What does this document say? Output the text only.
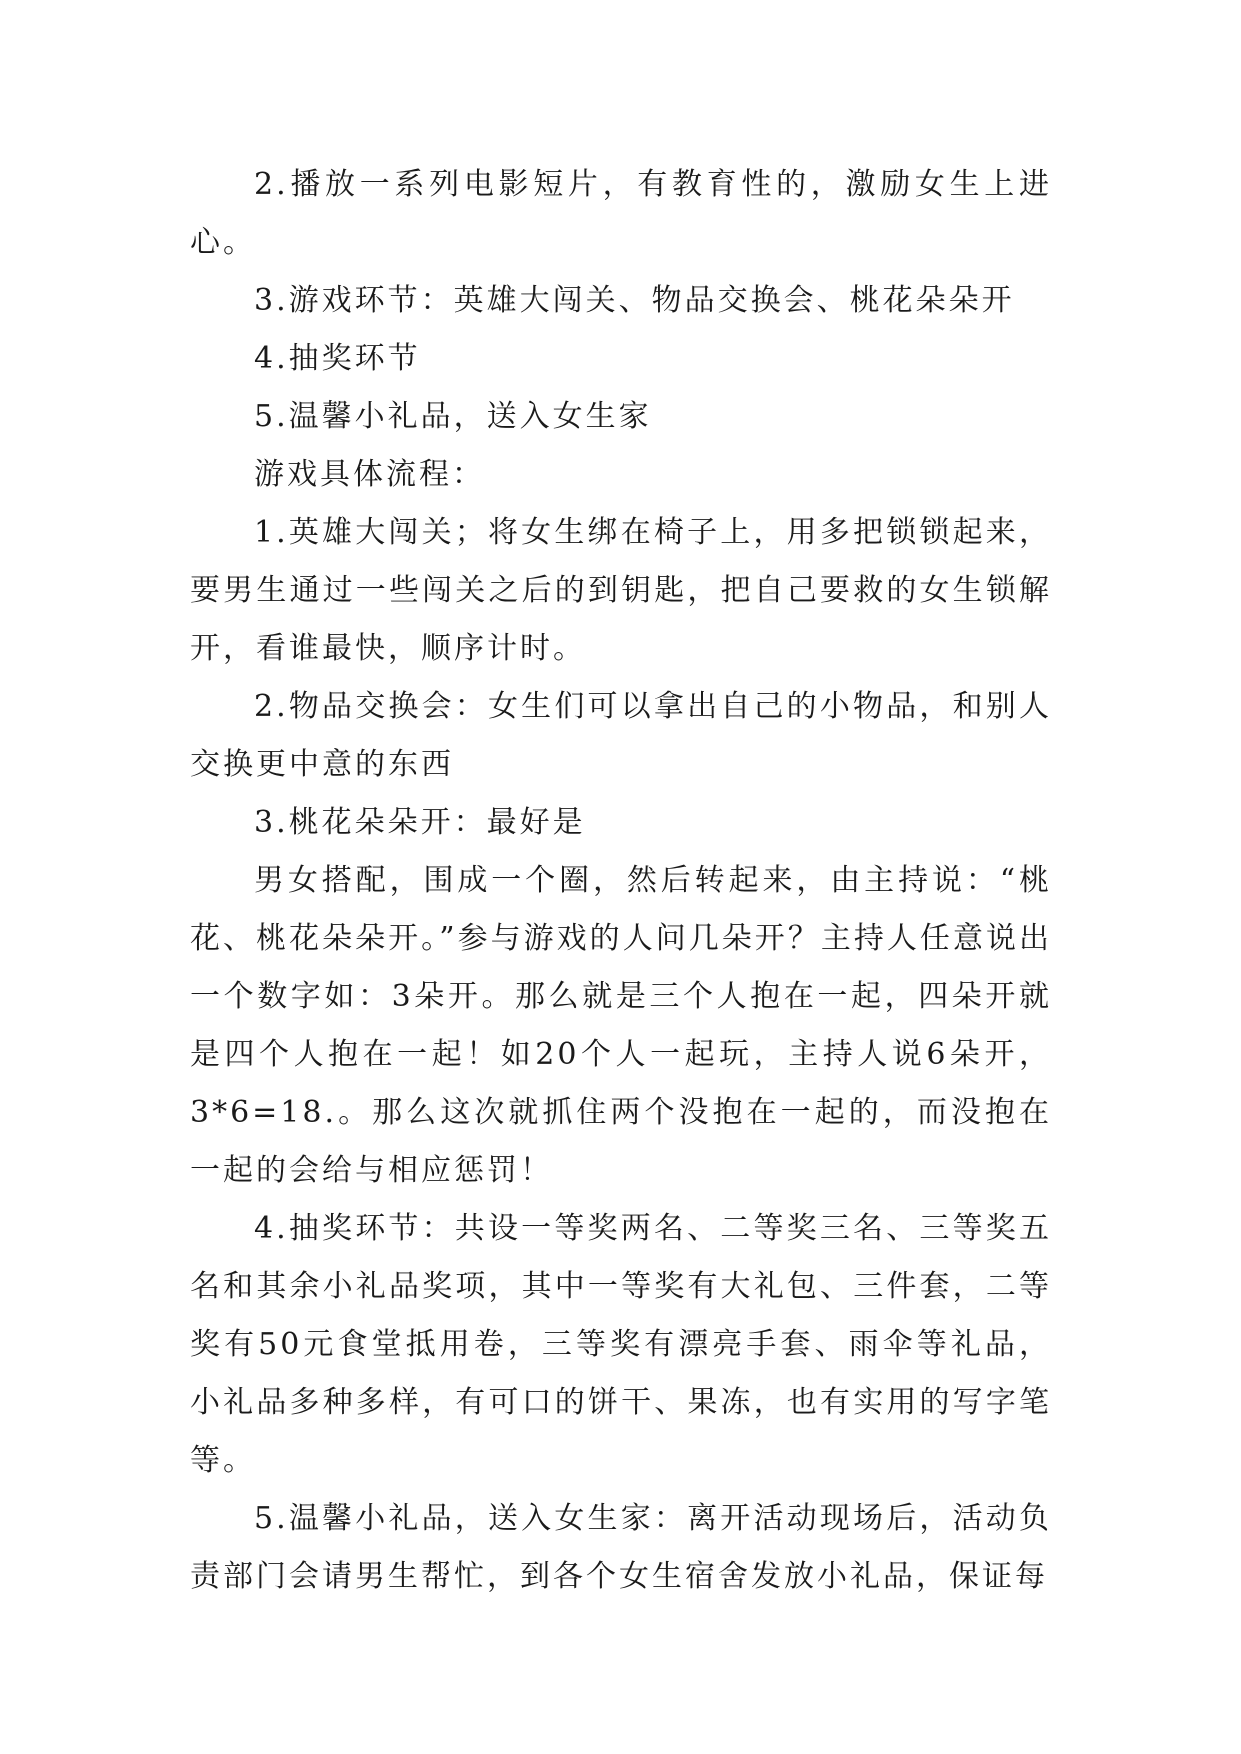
2.播放一系列电影短片，有教育性的，激励女生上进心。

3.游戏环节：英雄大闯关、物品交换会、桃花朵朵开

4.抽奖环节

5.温馨小礼品，送入女生家

游戏具体流程：

1.英雄大闯关；将女生绑在椅子上，用多把锁锁起来，要男生通过一些闯关之后的到钥匙，把自己要救的女生锁解开，看谁最快，顺序计时。

2.物品交换会：女生们可以拿出自己的小物品，和别人交换更中意的东西

3.桃花朵朵开：最好是

男女搭配，围成一个圈，然后转起来，由主持说：“桃花、桃花朵朵开。”参与游戏的人问几朵开？主持人任意说出一个数字如：3朵开。那么就是三个人抱在一起，四朵开就是四个人抱在一起！如20个人一起玩，主持人说6朵开，3*6=18.。那么这次就抓住两个没抱在一起的，而没抱在一起的会给与相应惩罚！

4.抽奖环节：共设一等奖两名、二等奖三名、三等奖五名和其余小礼品奖项，其中一等奖有大礼包、三件套，二等奖有50元食堂抵用卷，三等奖有漂亮手套、雨伞等礼品，小礼品多种多样，有可口的饼干、果冻，也有实用的写字笔等。

5.温馨小礼品，送入女生家：离开活动现场后，活动负责部门会请男生帮忙，到各个女生宿舍发放小礼品，保证每
